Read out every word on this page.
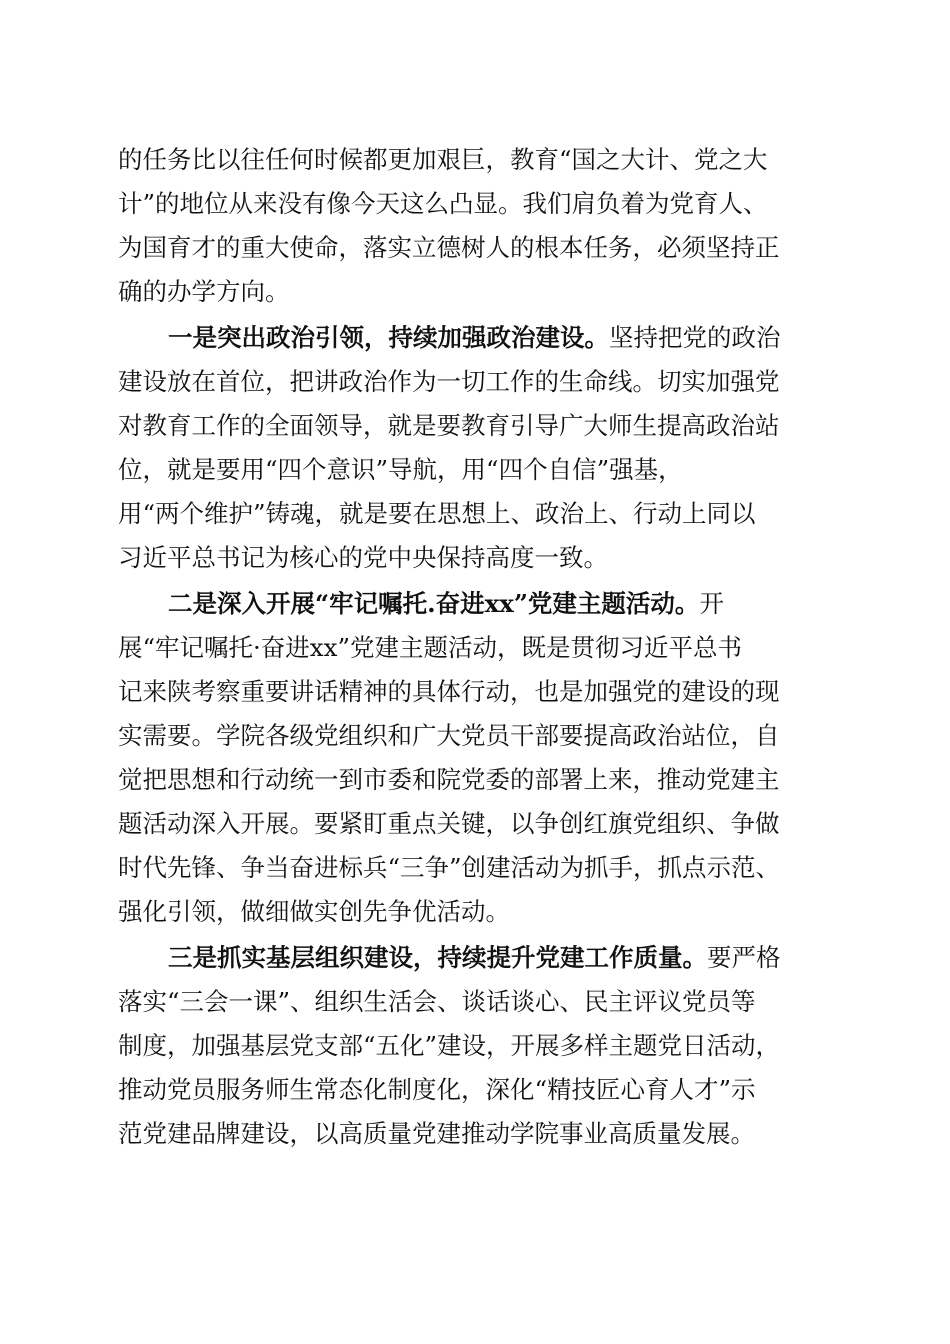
的任务比以往任何时候都更加艰巨，教育“国之大计、党之大
计”的地位从来没有像今天这么凸显。我们肩负着为党育人、
为国育才的重大使命，落实立德树人的根本任务，必须坚持正
确的办学方向。

一是突出政治引领，持续加强政治建设。坚持把党的政治
建设放在首位，把讲政治作为一切工作的生命线。切实加强党
对教育工作的全面领导，就是要教育引导广大师生提高政治站
位，就是要用“四个意识”导航，用“四个自信”强基，
用“两个维护”铸魂，就是要在思想上、政治上、行动上同以
习近平总书记为核心的党中央保持高度一致。

二是深入开展“牢记嘱托.奋进xx”党建主题活动。开
展“牢记嘱托·奋进xx”党建主题活动，既是贯彻习近平总书
记来陕考察重要讲话精神的具体行动，也是加强党的建设的现
实需要。学院各级党组织和广大党员干部要提高政治站位，自
觉把思想和行动统一到市委和院党委的部署上来，推动党建主
题活动深入开展。要紧盯重点关键，以争创红旗党组织、争做
时代先锋、争当奋进标兵“三争”创建活动为抓手，抓点示范、
强化引领，做细做实创先争优活动。

三是抓实基层组织建设，持续提升党建工作质量。要严格
落实“三会一课”、组织生活会、谈话谈心、民主评议党员等
制度，加强基层党支部“五化”建设，开展多样主题党日活动，
推动党员服务师生常态化制度化，深化“精技匠心育人才”示
范党建品牌建设，以高质量党建推动学院事业高质量发展。
